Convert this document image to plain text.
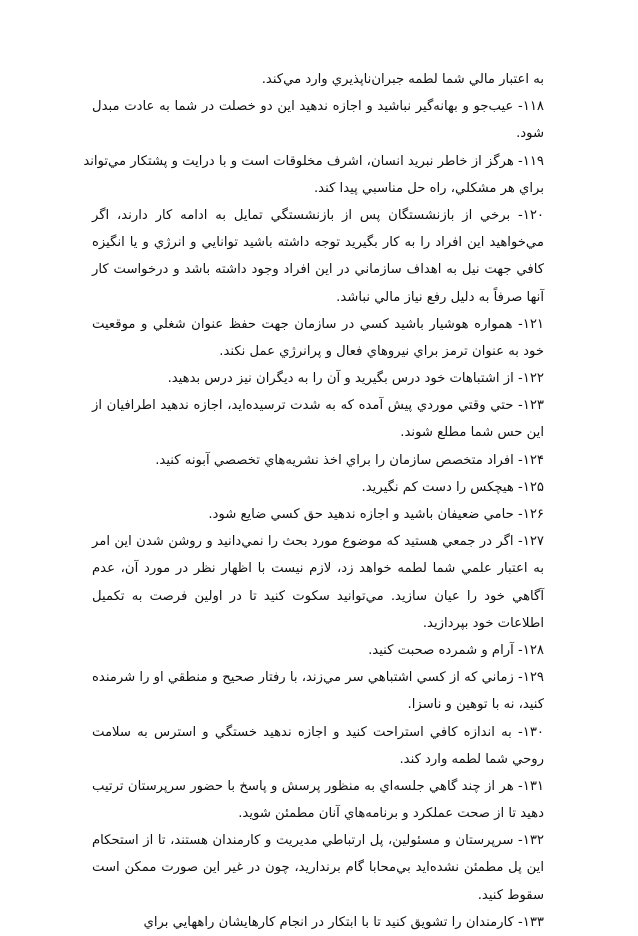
به اعتبار مالي شما لطمه جبران‌ناپذيري وارد مي‌كند.
۱۱۸- عيب‌جو و بهانه‌گير نباشيد و اجازه ندهيد اين دو خصلت در شما به عادت مبدل
شود.
۱۱۹- هرگز از خاطر نبريد انسان، اشرف مخلوقات است و با درايت و پشتكار مي‌تواند
براي هر مشكلي، راه حل مناسبي پيدا كند.
۱۲۰- برخي از بازنشستگان پس از بازنشستگي تمايل به ادامه كار دارند، اگر
مي‌خواهيد اين افراد را به كار بگيريد توجه داشته باشيد توانايي و انرژي و يا انگيزه
كافي جهت نيل به اهداف سازماني در اين افراد وجود داشته باشد و درخواست كار
آنها صرفاً به دليل رفع نياز مالي نباشد.
۱۲۱- همواره هوشيار باشيد كسي در سازمان جهت حفظ عنوان شغلي و موقعيت
خود به عنوان ترمز براي نيروهاي فعال و پرانرژي عمل نكند.
۱۲۲- از اشتباهات خود درس بگيريد و آن را به ديگران نيز درس بدهيد.
۱۲۳- حتي وقتي موردي پيش آمده كه به شدت ترسيده‌ايد، اجازه ندهيد اطرافيان از
اين حس شما مطلع شوند.
۱۲۴- افراد متخصص سازمان را براي اخذ نشريه‌هاي تخصصي آبونه كنيد.
۱۲۵- هيچكس را دست كم نگيريد.
۱۲۶- حامي ضعيفان باشيد و اجازه ندهيد حق كسي ضايع شود.
۱۲۷- اگر در جمعي هستيد كه موضوع مورد بحث را نمي‌دانيد و روشن شدن اين امر
به اعتبار علمي شما لطمه خواهد زد، لازم نيست با اظهار نظر در مورد آن، عدم
آگاهي خود را عيان سازيد. مي‌توانيد سكوت كنيد تا در اولين فرصت به تكميل
اطلاعات خود بپردازيد.
۱۲۸- آرام و شمرده صحبت كنيد.
۱۲۹- زماني كه از كسي اشتباهي سر مي‌زند، با رفتار صحيح و منطقي او را شرمنده
كنيد، نه با توهين و ناسزا.
۱۳۰- به اندازه كافي استراحت كنيد و اجازه ندهيد خستگي و استرس به سلامت
روحي شما لطمه وارد كند.
۱۳۱- هر از چند گاهي جلسه‌اي به منظور پرسش و پاسخ با حضور سرپرستان ترتيب
دهيد تا از صحت عملكرد و برنامه‌هاي آنان مطمئن شويد.
۱۳۲- سرپرستان و مسئولين، پل ارتباطي مديريت و كارمندان هستند، تا از استحكام
اين پل مطمئن نشده‌ايد بي‌محابا گام برنداريد، چون در غير اين صورت ممكن است
سقوط كنيد.
۱۳۳- كارمندان را تشويق كنيد تا با ابتكار در انجام كارهايشان راههايي براي
